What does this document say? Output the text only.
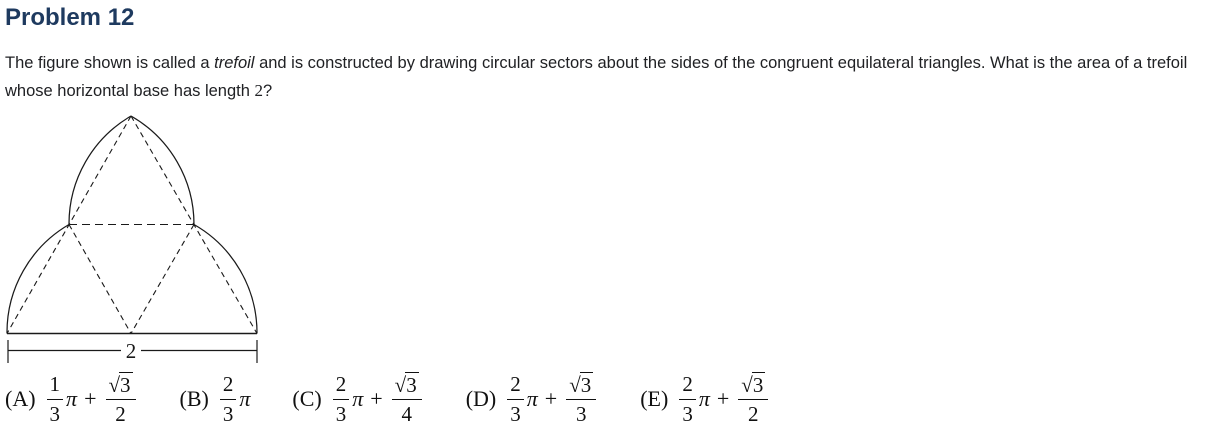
Problem 12

The figure shown is called a trefoil and is constructed by drawing circular sectors about the sides of the congruent equilateral triangles. What is the area of a trefoil whose horizontal base has length 2?

2
$(A) \frac{1}{3}$ $\pi + \frac{√3}{2} (B) \frac{2}{3}$ π $(C) \frac{2}{3}$ $\pi + \frac{√3}{4} (D) \frac{2}{3}$ $\pi + \frac{√3}{3} (E) \frac{2}{3}$ $\pi + \frac{√3}{2}$
